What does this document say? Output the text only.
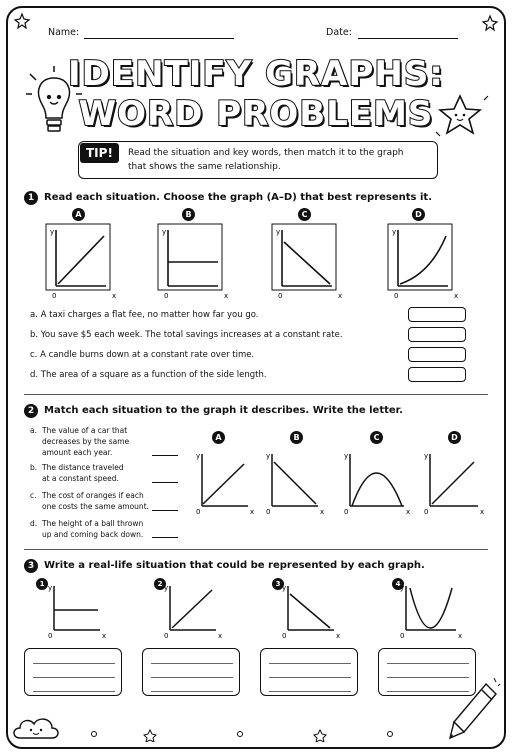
Name:	Date:
IDENTIFY GRAPHS:
WORD PROBLEMS
TIP!	Read the situation and key words, then match it to the graph
that shows the same relationship.
1 Read each situation. Choose the graph (A–D) that best represents it.
A	B	C	D
y
0	x
y
0	x
y
0	x
y
0	x
a. A taxi charges a flat fee, no matter how far you go.
b. You save $5 each week. The total savings increases at a constant rate.
c. A candle burns down at a constant rate over time.
d. The area of a square as a function of the side length.
2 Match each situation to the graph it describes. Write the letter.
a. The value of a car that
decreases by the same
amount each year.
b. The distance traveled
at a constant speed.
c. The cost of oranges if each
one costs the same amount.
d. The height of a ball thrown
up and coming back down.
A	B	C	D
y
0	x
y
0	x
y
0	x
y
0	x
3 Write a real-life situation that could be represented by each graph.
1	2	3	4
y
0	x
y
0	x
y
0	x
y
0	x
